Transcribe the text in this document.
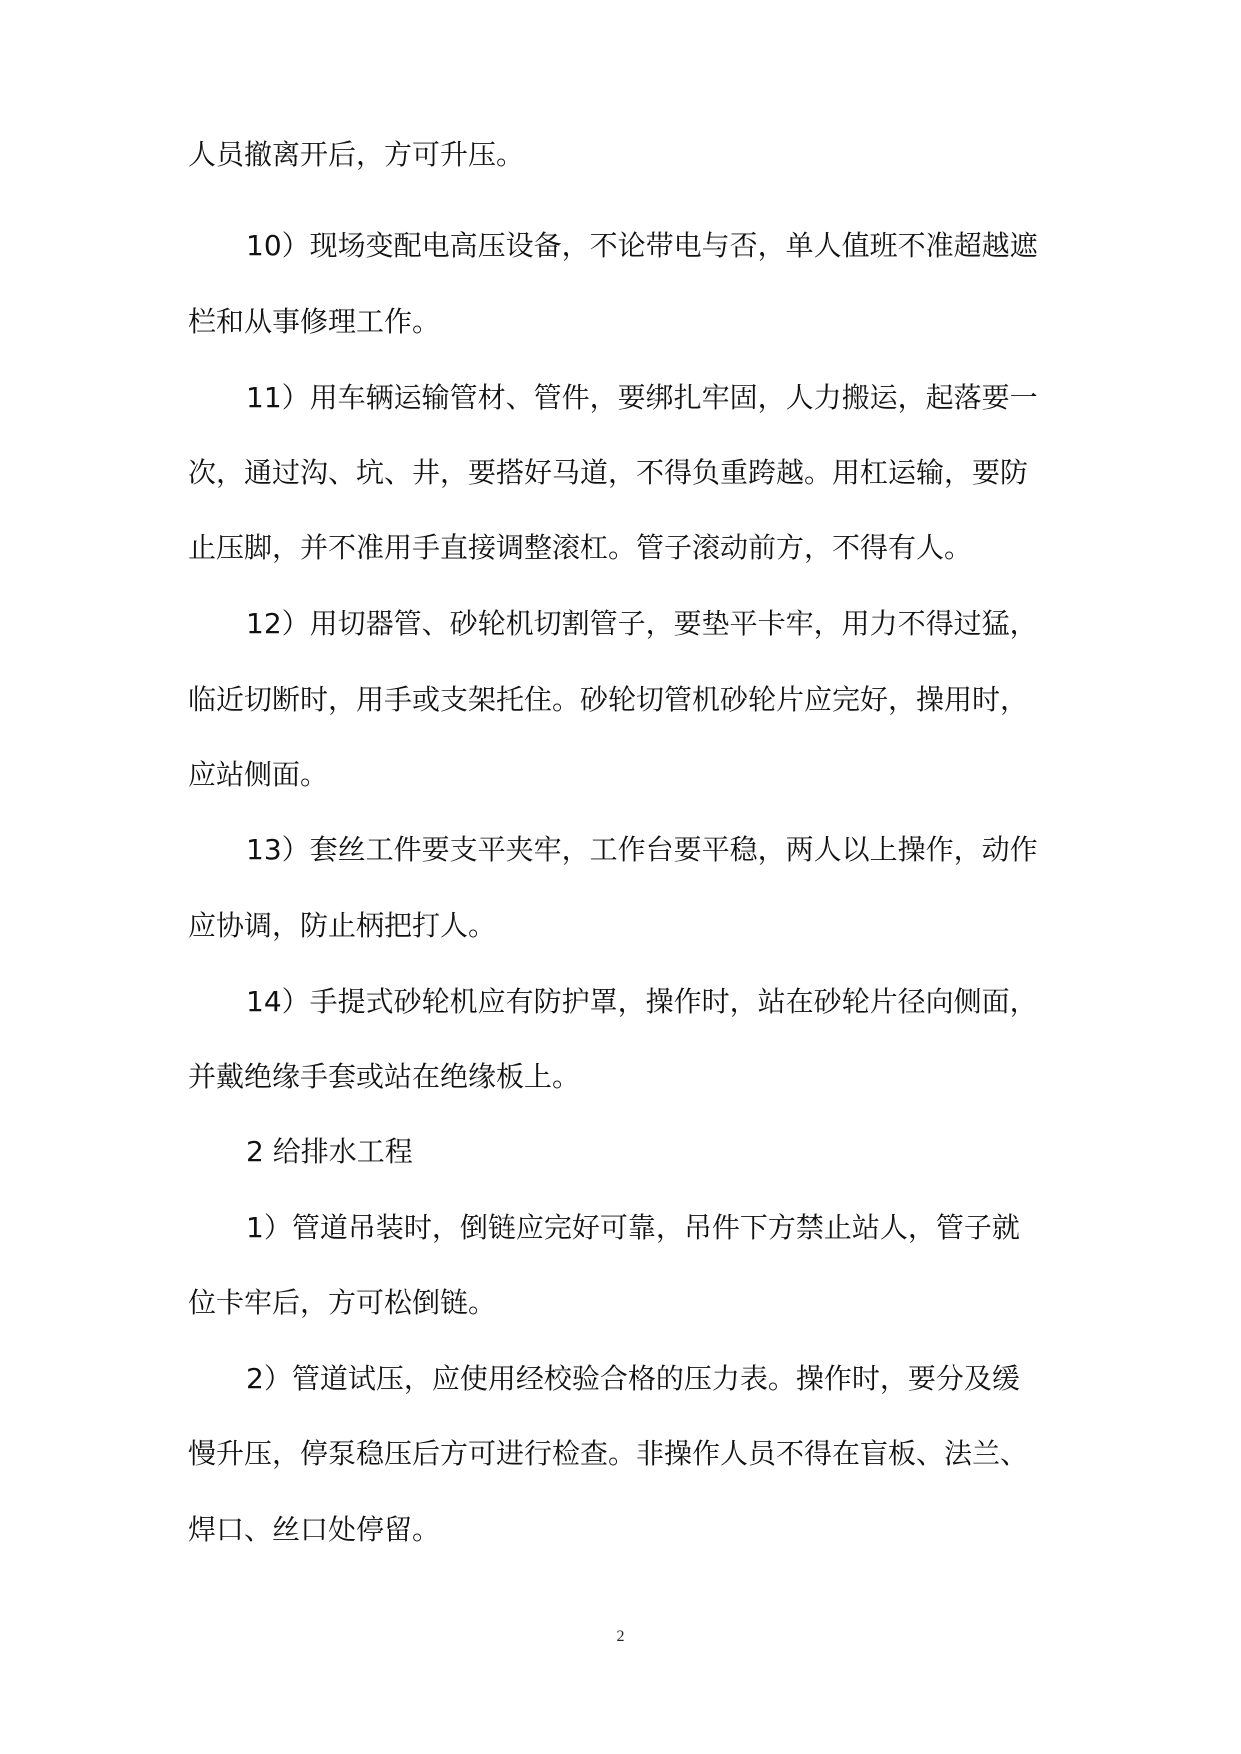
人员撤离开后，方可升压。
10）现场变配电高压设备，不论带电与否，单人值班不准超越遮
栏和从事修理工作。
11）用车辆运输管材、管件，要绑扎牢固，人力搬运，起落要一
次，通过沟、坑、井，要搭好马道，不得负重跨越。用杠运输，要防
止压脚，并不准用手直接调整滚杠。管子滚动前方，不得有人。
12）用切器管、砂轮机切割管子，要垫平卡牢，用力不得过猛，
临近切断时，用手或支架托住。砂轮切管机砂轮片应完好，操用时，
应站侧面。
13）套丝工件要支平夹牢，工作台要平稳，两人以上操作，动作
应协调，防止柄把打人。
14）手提式砂轮机应有防护罩，操作时，站在砂轮片径向侧面，
并戴绝缘手套或站在绝缘板上。
2 给排水工程
1）管道吊装时，倒链应完好可靠，吊件下方禁止站人，管子就
位卡牢后，方可松倒链。
2）管道试压，应使用经校验合格的压力表。操作时，要分及缓
慢升压，停泵稳压后方可进行检查。非操作人员不得在盲板、法兰、
焊口、丝口处停留。
2
